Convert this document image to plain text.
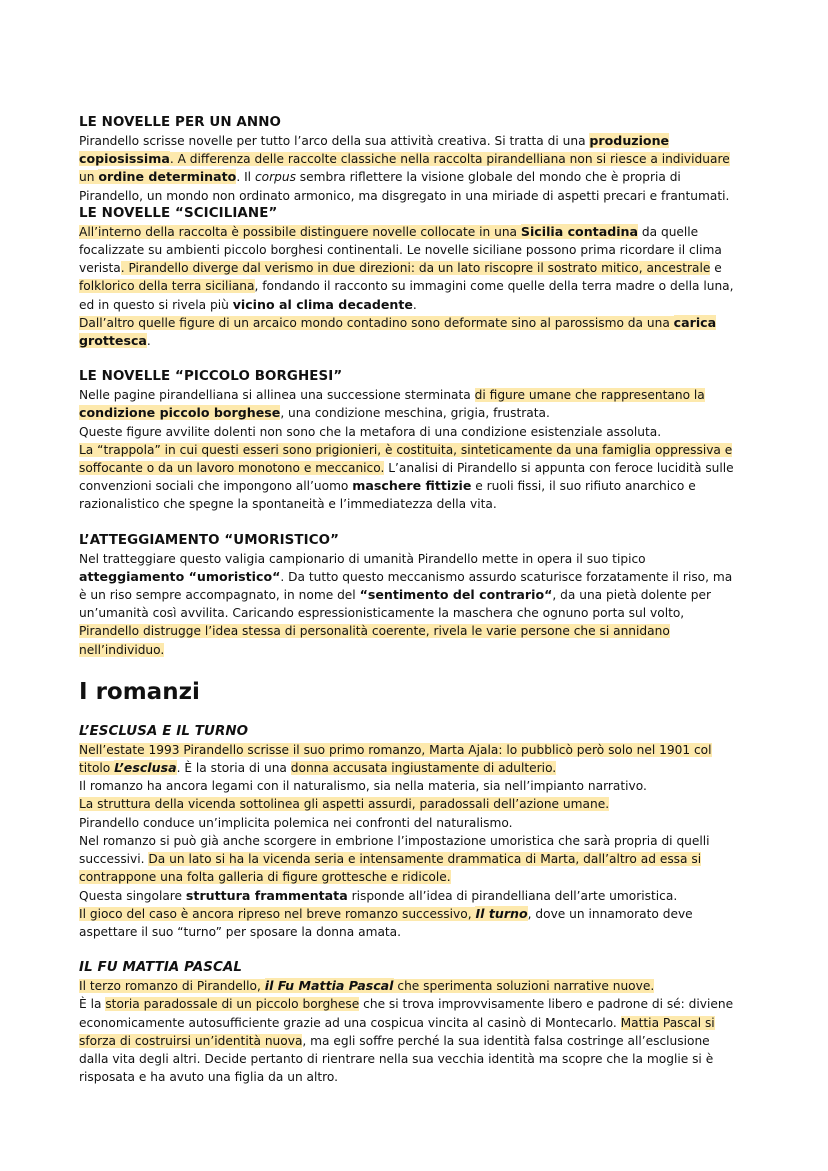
LE NOVELLE PER UN ANNO

Pirandello scrisse novelle per tutto l’arco della sua attività creativa. Si tratta di una produzione copiosissima. A differenza delle raccolte classiche nella raccolta pirandelliana non si riesce a individuare un ordine determinato. Il corpus sembra riflettere la visione globale del mondo che è propria di Pirandello, un mondo non ordinato armonico, ma disgregato in una miriade di aspetti precari e frantumati.

LE NOVELLE “SCICILIANE”

All’interno della raccolta è possibile distinguere novelle collocate in una Sicilia contadina da quelle focalizzate su ambienti piccolo borghesi continentali. Le novelle siciliane possono prima ricordare il clima verista. Pirandello diverge dal verismo in due direzioni: da un lato riscopre il sostrato mitico, ancestrale e folklorico della terra siciliana, fondando il racconto su immagini come quelle della terra madre o della luna, ed in questo si rivela più vicino al clima decadente.

Dall’altro quelle figure di un arcaico mondo contadino sono deformate sino al parossismo da una carica grottesca.

LE NOVELLE “PICCOLO BORGHESI”

Nelle pagine pirandelliana si allinea una successione sterminata di figure umane che rappresentano la condizione piccolo borghese, una condizione meschina, grigia, frustrata.

Queste figure avvilite dolenti non sono che la metafora di una condizione esistenziale assoluta.

La “trappola” in cui questi esseri sono prigionieri, è costituita, sinteticamente da una famiglia oppressiva e soffocante o da un lavoro monotono e meccanico. L’analisi di Pirandello si appunta con feroce lucidità sulle convenzioni sociali che impongono all’uomo maschere fittizie e ruoli fissi, il suo rifiuto anarchico e razionalistico che spegne la spontaneità e l’immediatezza della vita.

L’ATTEGGIAMENTO “UMORISTICO”

Nel tratteggiare questo valigia campionario di umanità Pirandello mette in opera il suo tipico atteggiamento “umoristico“. Da tutto questo meccanismo assurdo scaturisce forzatamente il riso, ma è un riso sempre accompagnato, in nome del “sentimento del contrario“, da una pietà dolente per un’umanità così avvilita. Caricando espressionisticamente la maschera che ognuno porta sul volto, Pirandello distrugge l’idea stessa di personalità coerente, rivela le varie persone che si annidano nell’individuo.

I romanzi
L’ESCLUSA E IL TURNO

Nell’estate 1993 Pirandello scrisse il suo primo romanzo, Marta Ajala: lo pubblicò però solo nel 1901 col titolo L’esclusa. È la storia di una donna accusata ingiustamente di adulterio.

Il romanzo ha ancora legami con il naturalismo, sia nella materia, sia nell’impianto narrativo.

La struttura della vicenda sottolinea gli aspetti assurdi, paradossali dell’azione umane.

Pirandello conduce un’implicita polemica nei confronti del naturalismo.

Nel romanzo si può già anche scorgere in embrione l’impostazione umoristica che sarà propria di quelli successivi. Da un lato si ha la vicenda seria e intensamente drammatica di Marta, dall’altro ad essa si contrappone una folta galleria di figure grottesche e ridicole.

Questa singolare struttura frammentata risponde all’idea di pirandelliana dell’arte umoristica.

Il gioco del caso è ancora ripreso nel breve romanzo successivo, Il turno, dove un innamorato deve aspettare il suo “turno” per sposare la donna amata.

IL FU MATTIA PASCAL

Il terzo romanzo di Pirandello, il Fu Mattia Pascal che sperimenta soluzioni narrative nuove.

È la storia paradossale di un piccolo borghese che si trova improvvisamente libero e padrone di sé: diviene economicamente autosufficiente grazie ad una cospicua vincita al casinò di Montecarlo. Mattia Pascal si sforza di costruirsi un’identità nuova, ma egli soffre perché la sua identità falsa costringe all’esclusione dalla vita degli altri. Decide pertanto di rientrare nella sua vecchia identità ma scopre che la moglie si è risposata e ha avuto una figlia da un altro.
